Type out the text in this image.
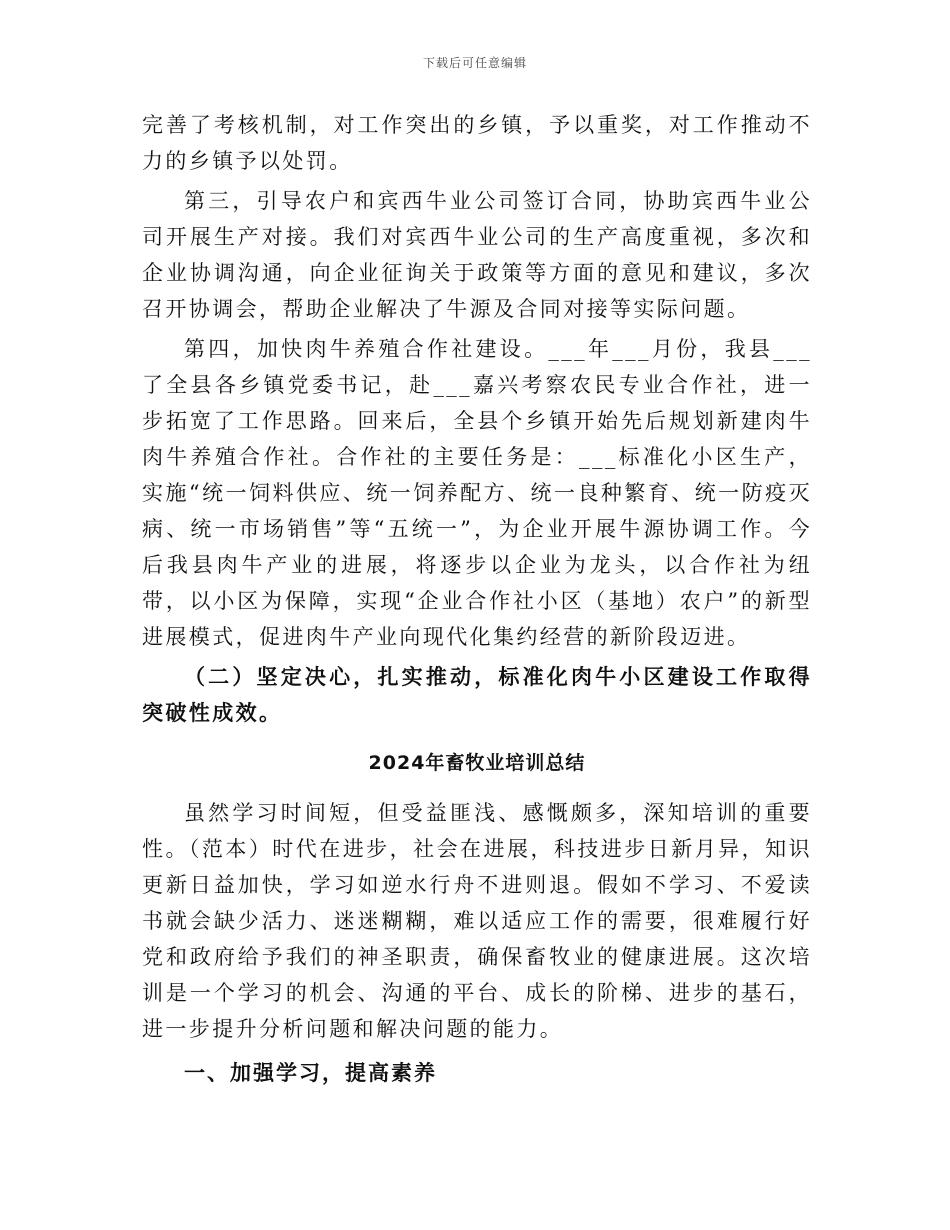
下载后可任意编辑

完善了考核机制，对工作突出的乡镇，予以重奖，对工作推动不力的乡镇予以处罚。

第三，引导农户和宾西牛业公司签订合同，协助宾西牛业公司开展生产对接。我们对宾西牛业公司的生产高度重视，多次和企业协调沟通，向企业征询关于政策等方面的意见和建议，多次召开协调会，帮助企业解决了牛源及合同对接等实际问题。

第四，加快肉牛养殖合作社建设。___年___月份，我县___了全县各乡镇党委书记，赴___嘉兴考察农民专业合作社，进一步拓宽了工作思路。回来后，全县个乡镇开始先后规划新建肉牛肉牛养殖合作社。合作社的主要任务是：___标准化小区生产，实施“统一饲料供应、统一饲养配方、统一良种繁育、统一防疫灭病、统一市场销售”等“五统一”，为企业开展牛源协调工作。今后我县肉牛产业的进展，将逐步以企业为龙头，以合作社为纽带，以小区为保障，实现“企业合作社小区（基地）农户”的新型进展模式，促进肉牛产业向现代化集约经营的新阶段迈进。

（二）坚定决心，扎实推动，标准化肉牛小区建设工作取得突破性成效。

2024年畜牧业培训总结

虽然学习时间短，但受益匪浅、感慨颇多，深知培训的重要性。（范本）时代在进步，社会在进展，科技进步日新月异，知识更新日益加快，学习如逆水行舟不进则退。假如不学习、不爱读书就会缺少活力、迷迷糊糊，难以适应工作的需要，很难履行好党和政府给予我们的神圣职责，确保畜牧业的健康进展。这次培训是一个学习的机会、沟通的平台、成长的阶梯、进步的基石，进一步提升分析问题和解决问题的能力。

一、加强学习，提高素养
